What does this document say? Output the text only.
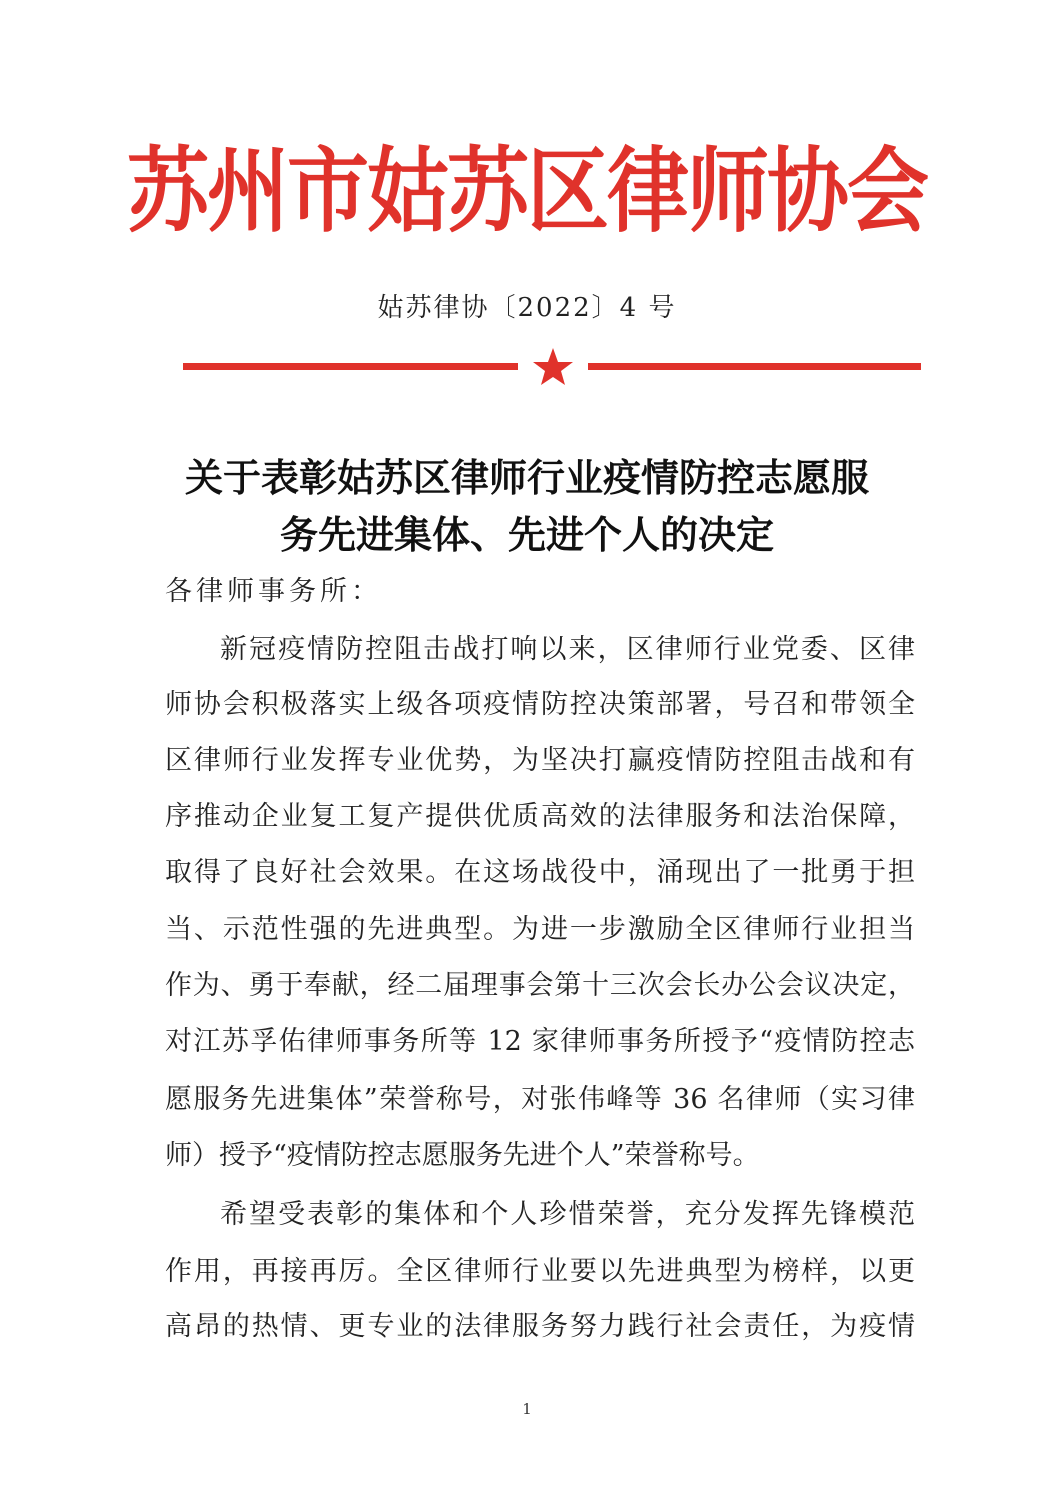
苏州市姑苏区律师协会
姑苏律协〔2022〕4 号
关于表彰姑苏区律师行业疫情防控志愿服
务先进集体、先进个人的决定
各律师事务所：
新冠疫情防控阻击战打响以来，区律师行业党委、区律
师协会积极落实上级各项疫情防控决策部署，号召和带领全
区律师行业发挥专业优势，为坚决打赢疫情防控阻击战和有
序推动企业复工复产提供优质高效的法律服务和法治保障，
取得了良好社会效果。在这场战役中，涌现出了一批勇于担
当、示范性强的先进典型。为进一步激励全区律师行业担当
作为、勇于奉献，经二届理事会第十三次会长办公会议决定，
对江苏孚佑律师事务所等 12 家律师事务所授予“疫情防控志
愿服务先进集体”荣誉称号，对张伟峰等 36 名律师（实习律
师）授予“疫情防控志愿服务先进个人”荣誉称号。
希望受表彰的集体和个人珍惜荣誉，充分发挥先锋模范
作用，再接再厉。全区律师行业要以先进典型为榜样，以更
高昂的热情、更专业的法律服务努力践行社会责任，为疫情
1
